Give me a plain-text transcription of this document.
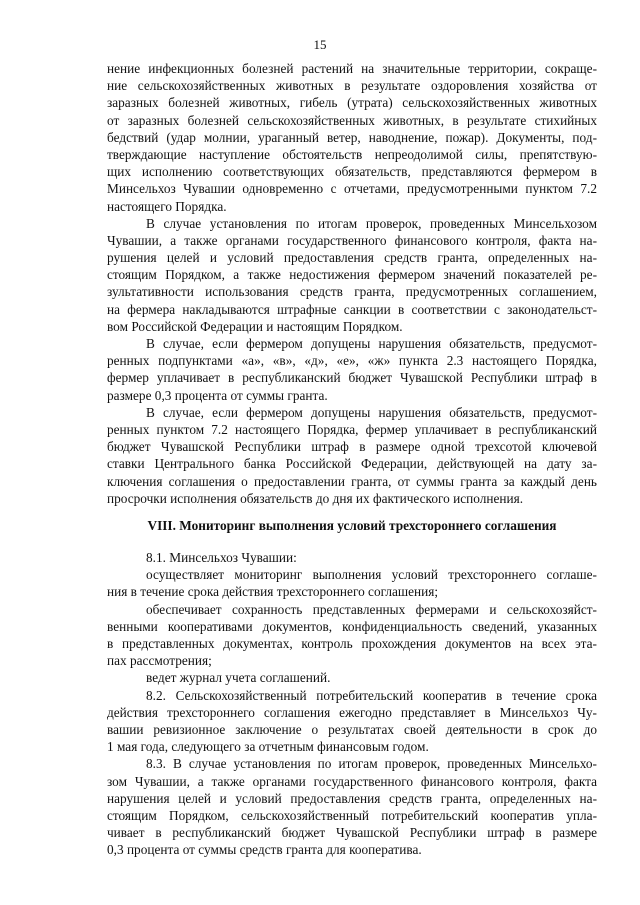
15
нение инфекционных болезней растений на значительные территории, сокраще-
ние сельскохозяйственных животных в результате оздоровления хозяйства от
заразных болезней животных, гибель (утрата) сельскохозяйственных животных
от заразных болезней сельскохозяйственных животных, в результате стихийных
бедствий (удар молнии, ураганный ветер, наводнение, пожар). Документы, под-
тверждающие наступление обстоятельств непреодолимой силы, препятствую-
щих исполнению соответствующих обязательств, представляются фермером в
Минсельхоз Чувашии одновременно с отчетами, предусмотренными пунктом 7.2
настоящего Порядка.
В случае установления по итогам проверок, проведенных Минсельхозом
Чувашии, а также органами государственного финансового контроля, факта на-
рушения целей и условий предоставления средств гранта, определенных на-
стоящим Порядком, а также недостижения фермером значений показателей ре-
зультативности использования средств гранта, предусмотренных соглашением,
на фермера накладываются штрафные санкции в соответствии с законодательст-
вом Российской Федерации и настоящим Порядком.
В случае, если фермером допущены нарушения обязательств, предусмот-
ренных подпунктами «а», «в», «д», «е», «ж» пункта 2.3 настоящего Порядка,
фермер уплачивает в республиканский бюджет Чувашской Республики штраф в
размере 0,3 процента от суммы гранта.
В случае, если фермером допущены нарушения обязательств, предусмот-
ренных пунктом 7.2 настоящего Порядка, фермер уплачивает в республиканский
бюджет Чувашской Республики штраф в размере одной трехсотой ключевой
ставки Центрального банка Российской Федерации, действующей на дату за-
ключения соглашения о предоставлении гранта, от суммы гранта за каждый день
просрочки исполнения обязательств до дня их фактического исполнения.
VIII. Мониторинг выполнения условий трехстороннего соглашения
8.1. Минсельхоз Чувашии:
осуществляет мониторинг выполнения условий трехстороннего соглаше-
ния в течение срока действия трехстороннего соглашения;
обеспечивает сохранность представленных фермерами и сельскохозяйст-
венными кооперативами документов, конфиденциальность сведений, указанных
в представленных документах, контроль прохождения документов на всех эта-
пах рассмотрения;
ведет журнал учета соглашений.
8.2. Сельскохозяйственный потребительский кооператив в течение срока
действия трехстороннего соглашения ежегодно представляет в Минсельхоз Чу-
вашии ревизионное заключение о результатах своей деятельности в срок до
1 мая года, следующего за отчетным финансовым годом.
8.3. В случае установления по итогам проверок, проведенных Минсельхо-
зом Чувашии, а также органами государственного финансового контроля, факта
нарушения целей и условий предоставления средств гранта, определенных на-
стоящим Порядком, сельскохозяйственный потребительский кооператив упла-
чивает в республиканский бюджет Чувашской Республики штраф в размере
0,3 процента от суммы средств гранта для кооператива.
